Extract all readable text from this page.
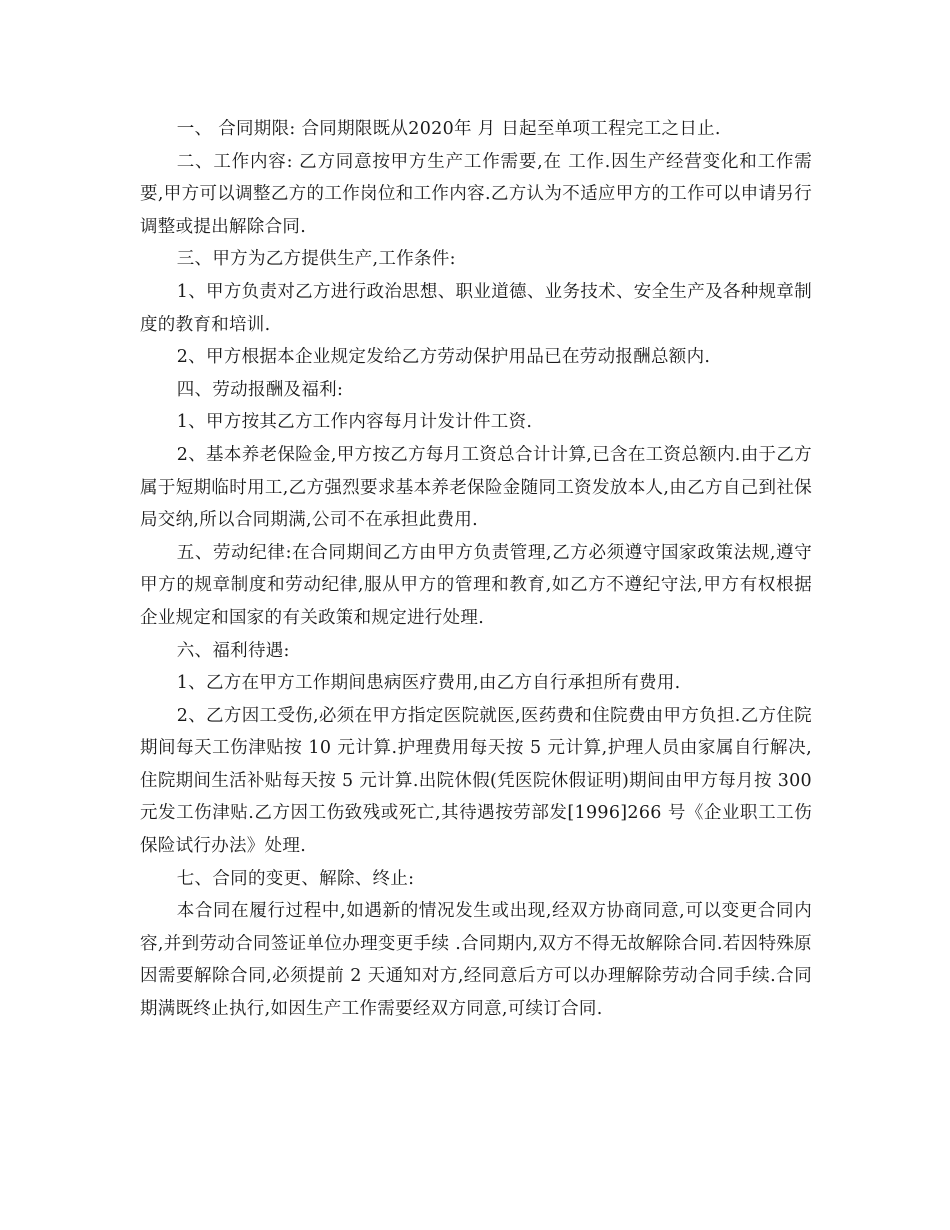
一、 合同期限: 合同期限既从2020年 月 日起至单项工程完工之日止.

二、工作内容: 乙方同意按甲方生产工作需要,在 工作.因生产经营变化和工作需要,甲方可以调整乙方的工作岗位和工作内容.乙方认为不适应甲方的工作可以申请另行调整或提出解除合同.

三、甲方为乙方提供生产,工作条件:

1、甲方负责对乙方进行政治思想、职业道德、业务技术、安全生产及各种规章制度的教育和培训.

2、甲方根据本企业规定发给乙方劳动保护用品已在劳动报酬总额内.

四、劳动报酬及福利:

1、甲方按其乙方工作内容每月计发计件工资.

2、基本养老保险金,甲方按乙方每月工资总合计计算,已含在工资总额内.由于乙方属于短期临时用工,乙方强烈要求基本养老保险金随同工资发放本人,由乙方自己到社保局交纳,所以合同期满,公司不在承担此费用.

五、劳动纪律:在合同期间乙方由甲方负责管理,乙方必须遵守国家政策法规,遵守甲方的规章制度和劳动纪律,服从甲方的管理和教育,如乙方不遵纪守法,甲方有权根据企业规定和国家的有关政策和规定进行处理.

六、福利待遇:

1、乙方在甲方工作期间患病医疗费用,由乙方自行承担所有费用.

2、乙方因工受伤,必须在甲方指定医院就医,医药费和住院费由甲方负担.乙方住院期间每天工伤津贴按 10 元计算.护理费用每天按 5 元计算,护理人员由家属自行解决,住院期间生活补贴每天按 5 元计算.出院休假(凭医院休假证明)期间由甲方每月按 300 元发工伤津贴.乙方因工伤致残或死亡,其待遇按劳部发[1996]266 号《企业职工工伤保险试行办法》处理.

七、合同的变更、解除、终止:

本合同在履行过程中,如遇新的情况发生或出现,经双方协商同意,可以变更合同内容,并到劳动合同签证单位办理变更手续 .合同期内,双方不得无故解除合同.若因特殊原因需要解除合同,必须提前 2 天通知对方,经同意后方可以办理解除劳动合同手续.合同期满既终止执行,如因生产工作需要经双方同意,可续订合同.
